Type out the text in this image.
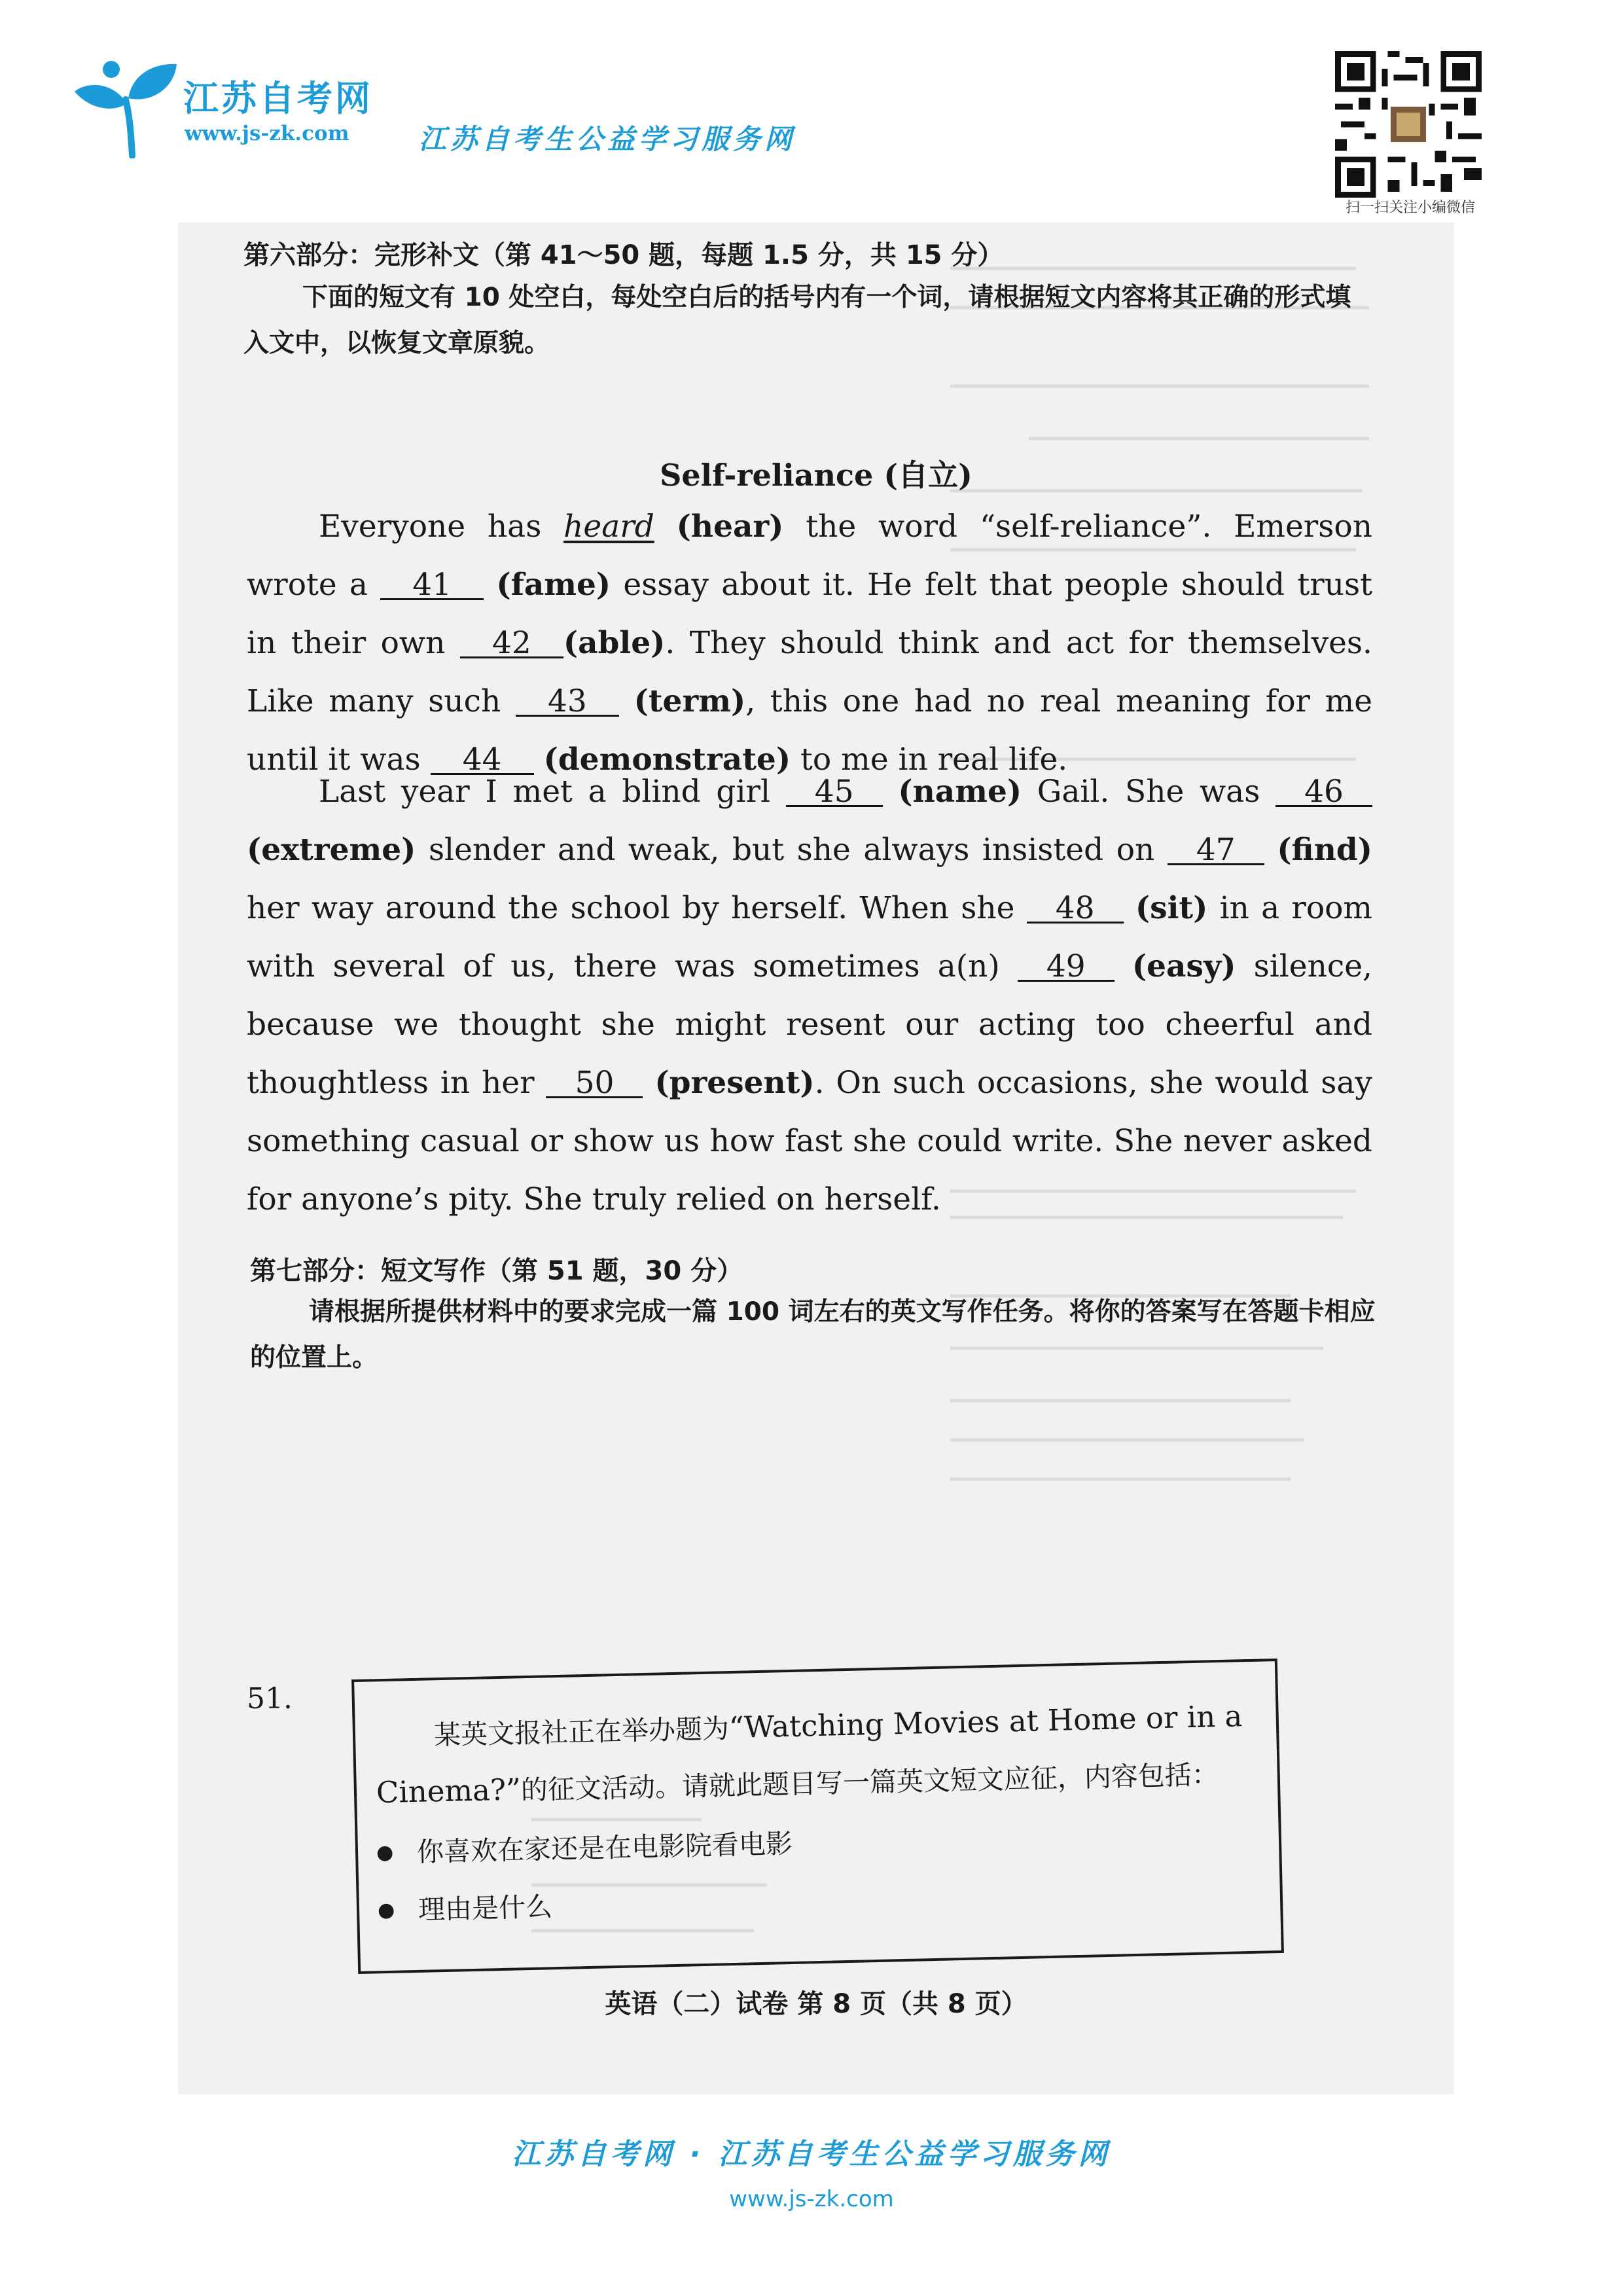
江苏自考网
www.js-zk.com	江苏自考生公益学习服务网
扫一扫关注小编微信
第六部分：完形补文（第 41～50 题，每题 1.5 分，共 15 分）
下面的短文有 10 处空白，每处空白后的括号内有一个词，请根据短文内容将其正确的形式填入文中，以恢复文章原貌。
Self-reliance (自立)
Everyone has heard (hear) the word “self-reliance”. Emerson wrote a 41 (fame) essay about it. He felt that people should trust in their own 42 (able). They should think and act for themselves. Like many such 43 (term), this one had no real meaning for me until it was 44 (demonstrate) to me in real life.
Last year I met a blind girl 45 (name) Gail. She was 46 (extreme) slender and weak, but she always insisted on 47 (find) her way around the school by herself. When she 48 (sit) in a room with several of us, there was sometimes a(n) 49 (easy) silence, because we thought she might resent our acting too cheerful and thoughtless in her 50 (present). On such occasions, she would say something casual or show us how fast she could write. She never asked for anyone’s pity. She truly relied on herself.
第七部分：短文写作（第 51 题，30 分）
请根据所提供材料中的要求完成一篇 100 词左右的英文写作任务。将你的答案写在答题卡相应的位置上。
51.
某英文报社正在举办题为“Watching Movies at Home or in a Cinema?”的征文活动。请就此题目写一篇英文短文应征，内容包括：
● 你喜欢在家还是在电影院看电影
● 理由是什么
英语（二）试卷 第 8 页（共 8 页）
江苏自考网 · 江苏自考生公益学习服务网
www.js-zk.com
